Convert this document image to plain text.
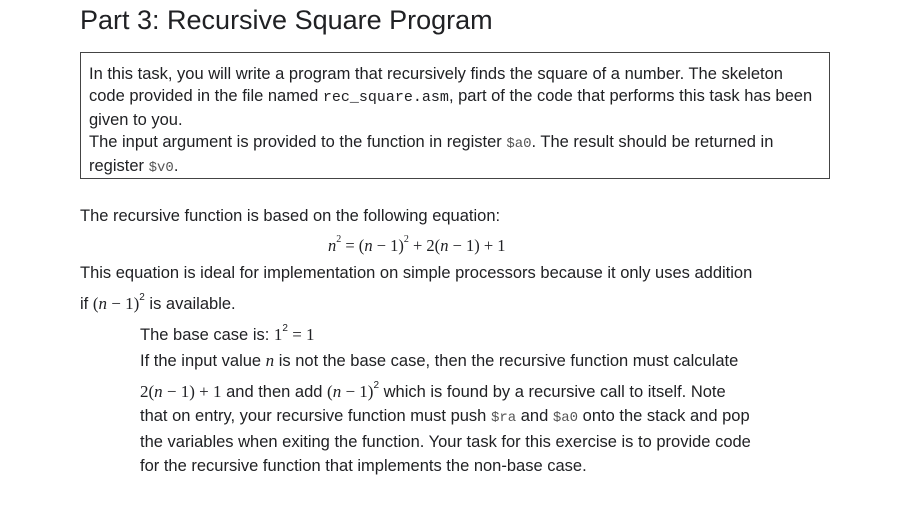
Part 3: Recursive Square Program

In this task, you will write a program that recursively finds the square of a number. The skeleton code provided in the file named rec_square.asm, part of the code that performs this task has been given to you.

The input argument is provided to the function in register $a0. The result should be returned in register $v0.

The recursive function is based on the following equation:
$n^2 = (n - 1)^2 + 2(n - 1) + 1$
This equation is ideal for implementation on simple processors because it only uses addition
if $(n - 1)^2$ is available.
The base case is: $1^2 = 1$
If the input value n is not the base case, then the recursive function must calculate
2(n − 1) + 1 and then add $(n - 1)^2$ which is found by a recursive call to itself. Note
that on entry, your recursive function must push $ra and $a0 onto the stack and pop
the variables when exiting the function. Your task for this exercise is to provide code
for the recursive function that implements the non-base case.
